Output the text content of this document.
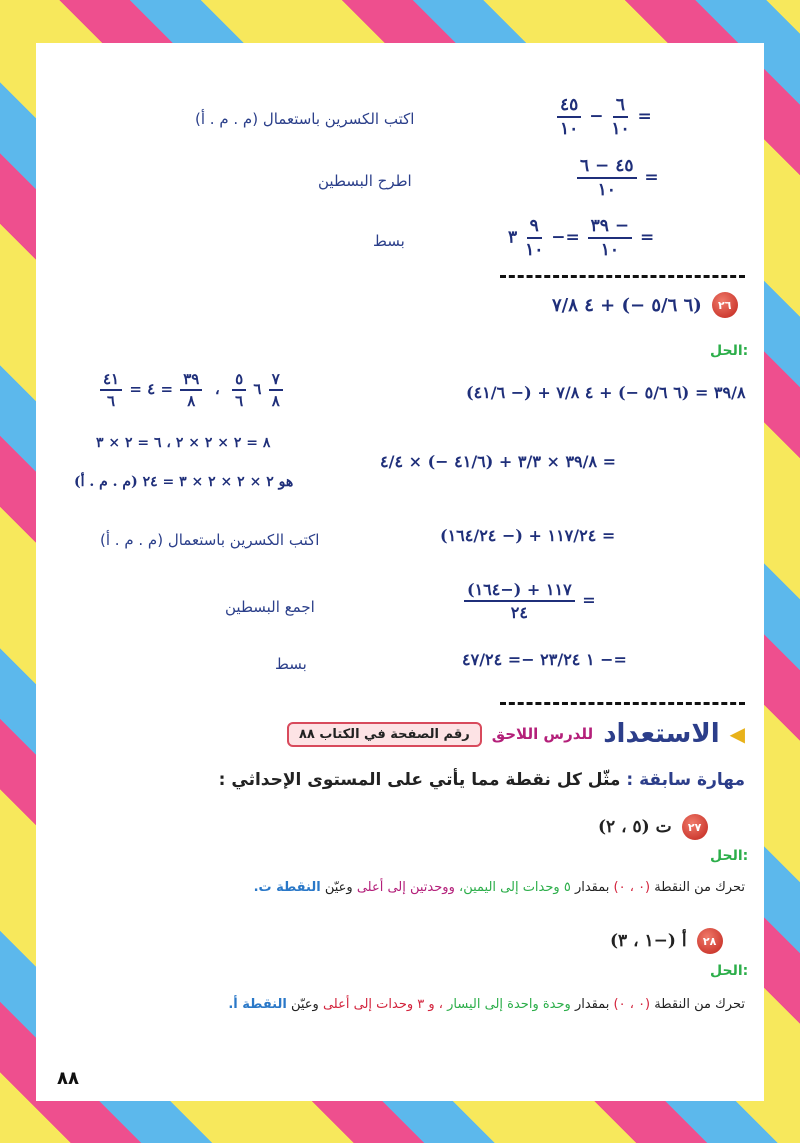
$\frac{٤٥}{١٠} - \frac{٦}{١٠}$ =
اكتب الكسرين باستعمال (م . م . أ)
$\frac{٤٥ - ٦}{١٠}$ =
اطرح البسطين
٣ $\frac{٩}{١٠} -= \frac{٣٩ -}{١٠}$ =
بسط
٢٦
(٦ ٥/٦ −) + ٤ ٧/٨
الحل:
$\frac{٤١}{٦}$ = ٦
$\frac{٥}{٦}$
،
$\frac{٣٩}{٨}$
= ٤	$\frac{٧}{٨}$	(٤١/٦ −) + ٣٩/٨ = (٦ ٥/٦ −) + ٤ ٧/٨
٨ = ٢ × ٢ × ٢ ، ٦ = ٢ × ٣
(م . م . أ) هو ٢ × ٢ × ٢ × ٣ = ٢٤
٣٩/٨ × ٣/٣ + (٤١/٦ −) × ٤/٤ =
(١٦٤/٢٤ −) + ١١٧/٢٤ =
اكتب الكسرين باستعمال (م . م . أ)
$\frac{(١٦٤-) + ١١٧}{٢٤}$ =
اجمع البسطين
١ ٢٣/٢٤ −= ٤٧/٢٤ −=
بسط
◀
الاستعداد
للدرس اللاحق
رقم الصفحة في الكتاب ٨٨
مهارة سابقة : مثّل كل نقطة مما يأتي على المستوى الإحداثي :
٢٧
ت (٥ ، ٢)
الحل:
تحرك من النقطة (٠ ، ٠) بمقدار ٥ وحدات إلى اليمين، ووحدتين إلى أعلى وعيّن النقطة ت.
٢٨
أ (−١ ، ٣)
الحل:
تحرك من النقطة (٠ ، ٠) بمقدار وحدة واحدة إلى اليسار ، و ٣ وحدات إلى أعلى وعيّن النقطة أ.
٨٨
